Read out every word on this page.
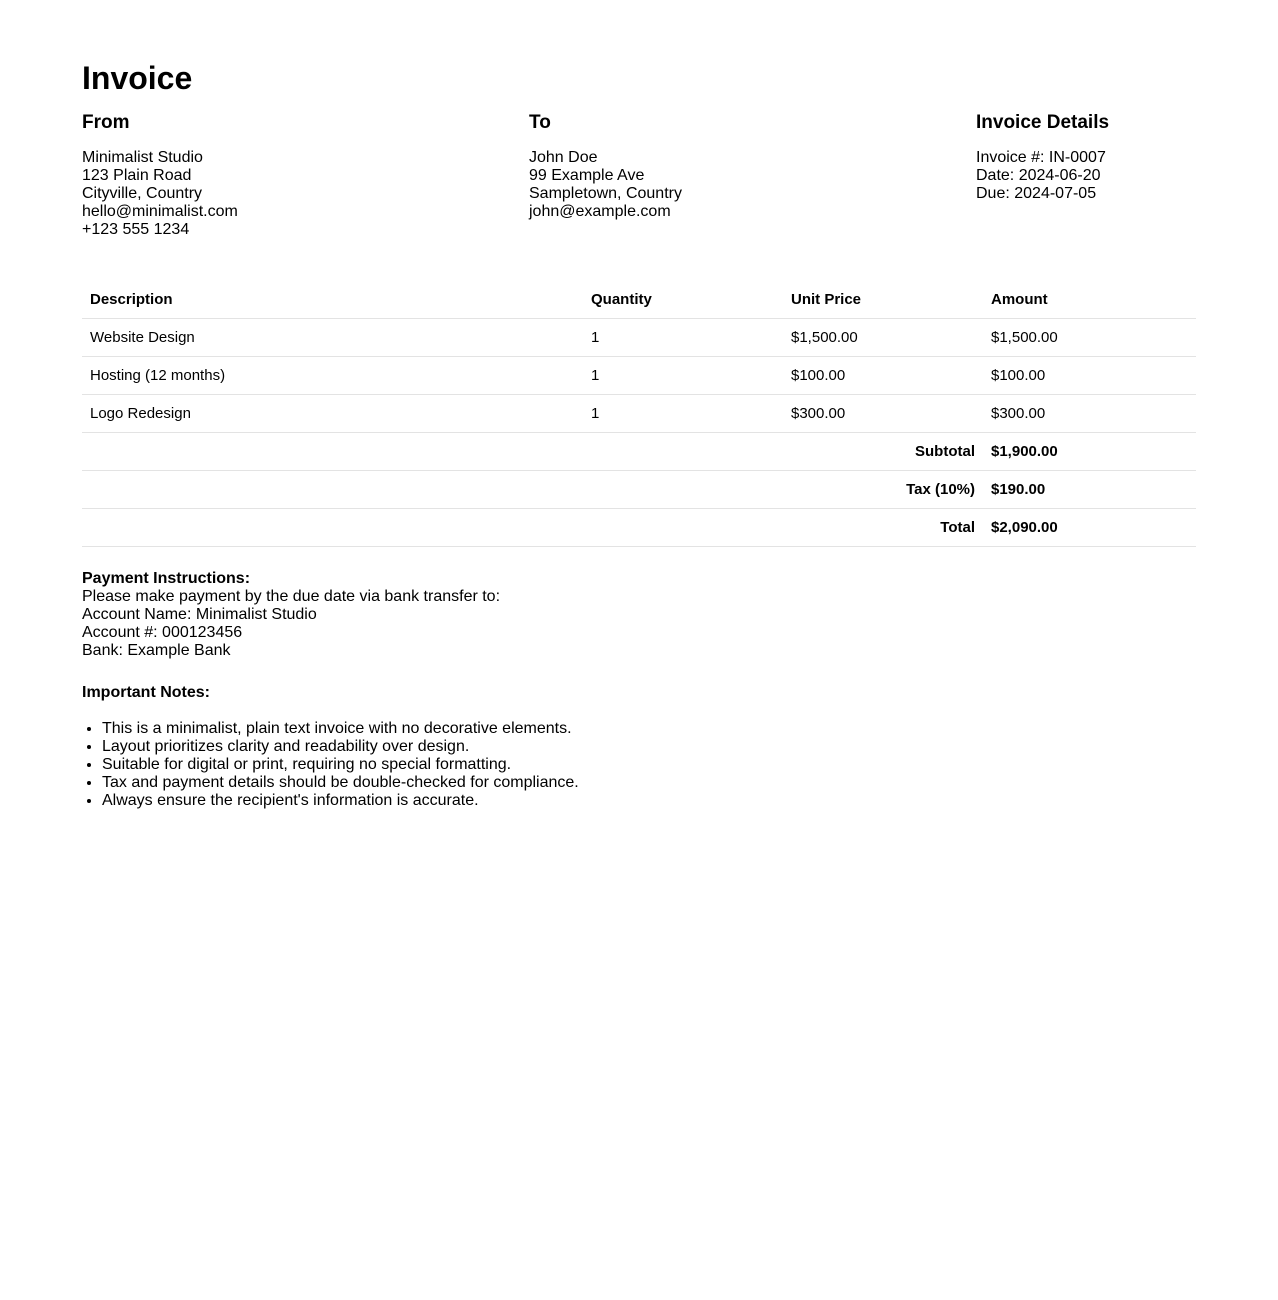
Invoice
From
Minimalist Studio
123 Plain Road
Cityville, Country
hello@minimalist.com
+123 555 1234
To
John Doe
99 Example Ave
Sampletown, Country
john@example.com
Invoice Details
Invoice #: IN-0007
Date: 2024-06-20
Due: 2024-07-05
Description	Quantity	Unit Price	Amount
Website Design	1	$1,500.00	$1,500.00
Hosting (12 months)	1	$100.00	$100.00
Logo Redesign	1	$300.00	$300.00
Subtotal			$1,900.00
Tax (10%)			$190.00
Total			$2,090.00
Payment Instructions:
Please make payment by the due date via bank transfer to:
Account Name: Minimalist Studio
Account #: 000123456
Bank: Example Bank
Important Notes:
• This is a minimalist, plain text invoice with no decorative elements.
• Layout prioritizes clarity and readability over design.
• Suitable for digital or print, requiring no special formatting.
• Tax and payment details should be double-checked for compliance.
• Always ensure the recipient's information is accurate.
